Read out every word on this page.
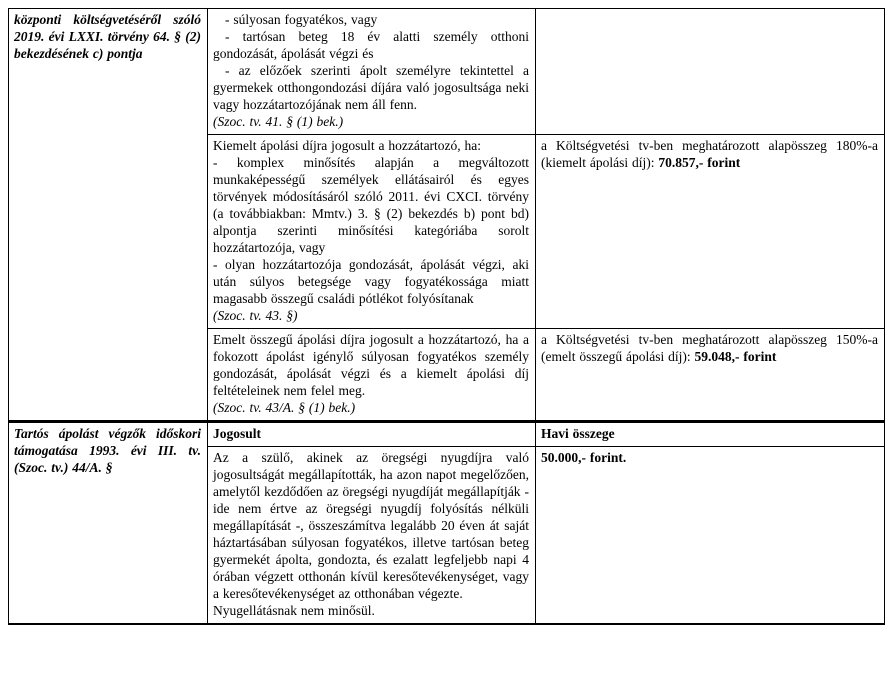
központi költségvetéséről szóló 2019. évi LXXI. törvény 64. § (2) bekezdésének c) pontja	- súlyosan fogyatékos, vagy

- tartósan beteg 18 év alatti személy otthoni gondozását, ápolását végzi és

- az előzőek szerinti ápolt személyre tekintettel a gyermekek otthongondozási díjára való jogosultsága neki vagy hozzátartozójának nem áll fenn.

(Szoc. tv. 41. § (1) bek.)	

	Kiemelt ápolási díjra jogosult a hozzátartozó, ha:

- komplex minősítés alapján a megváltozott munkaképességű személyek ellátásairól és egyes törvények módosításáról szóló 2011. évi CXCI. törvény (a továbbiakban: Mmtv.) 3. § (2) bekezdés b) pont bd) alpontja szerinti minősítési kategóriába sorolt hozzátartozója, vagy

- olyan hozzátartozója gondozását, ápolását végzi, aki után súlyos betegsége vagy fogyatékossága miatt magasabb összegű családi pótlékot folyósítanak

(Szoc. tv. 43. §)	a Költségvetési tv-ben meghatározott alapösszeg 180%-a (kiemelt ápolási díj): 70.857,- forint

	Emelt összegű ápolási díjra jogosult a hozzátartozó, ha a fokozott ápolást igénylő súlyosan fogyatékos személy gondozását, ápolását végzi és a kiemelt ápolási díj feltételeinek nem felel meg.

(Szoc. tv. 43/A. § (1) bek.)	a Költségvetési tv-ben meghatározott alapösszeg 150%-a (emelt összegű ápolási díj): 59.048,- forint

Tartós ápolást végzők időskori támogatása 1993. évi III. tv. (Szoc. tv.) 44/A. §	Jogosult	Havi összege

	Az a szülő, akinek az öregségi nyugdíjra való jogosultságát megállapították, ha azon napot megelőzően, amelytől kezdődően az öregségi nyugdíját megállapítják - ide nem értve az öregségi nyugdíj folyósítás nélküli megállapítását -, összeszámítva legalább 20 éven át saját háztartásában súlyosan fogyatékos, illetve tartósan beteg gyermekét ápolta, gondozta, és ezalatt legfeljebb napi 4 órában végzett otthonán kívül keresőtevékenységet, vagy a keresőtevékenységet az otthonában végezte.

Nyugellátásnak nem minősül.	50.000,- forint.
